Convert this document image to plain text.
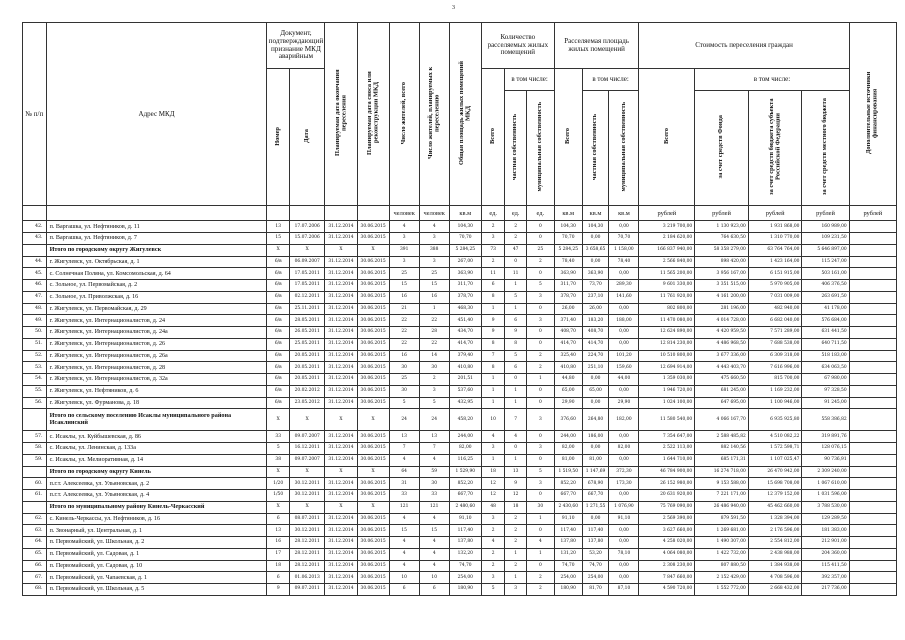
3
№ п/п	Адрес МКД	Документ, подтверждающий признание МКД аварийным		Планируемая дата окончания переселения	Планируемая дата сноса или реконструкции МКД	Число жителей, всего	Число жителей, планируемых к переселению	Общая площадь жилых помещений МКД	Количество расселяемых жилых помещений			Расселяемая площадь жилых помещений			Стоимость переселения граждан				Дополнительные источники финансирования
		Номер	Дата						Всего	в том числе:		Всего	в том числе:		Всего	в том числе:			
										частная собственность	муниципальная собственность		частная собственность	муниципальная собственность		за счет средств Фонда	за счет средств бюджета субъекта Российской Федерации	за счет средств местного бюджета	
						человек	человек	кв.м	ед.	ед.	ед.	кв.м	кв.м	кв.м	рублей	рублей	рублей	рублей	рублей
42.	п. Варгашка, ул. Нефтяников, д. 11	13	17.07.2006	31.12.2014	30.06.2015	4	4	104,30	2	2	0	104,30	104,30	0,00	3 219 700,00	1 130 923,00	1 931 868,00	160 989,00	
43.	п. Варгашка, ул. Нефтяников, д. 7	15	15.07.2006	31.12.2014	30.06.2015	3	3	70,70	3	2	0	70,70	0,00	70,70	2 184 620,00	764 630,50	1 310 770,00	109 231,50	
	Итого по городскому округу Жигулевск	X	X	X	X	391	388	5 284,25	73	47	25	5 284,25	3 658,65	1 158,00	166 837 940,00	58 358 279,00	63 764 764,00	5 646 897,00	
44.	г. Жигулевск, ул. Октябрьская, д. 1	6/в	06.09.2007	31.12.2014	30.06.2015	3	3	267,00	2	0	2	78,40	0,00	78,40	2 566 840,00	898 420,00	1 423 164,00	115 247,00	
45.	с. Солнечная Поляна, ул. Комсомольская, д. 64	6/в	17.05.2011	31.12.2014	30.06.2015	25	25	363,90	11	11	0	363,90	363,90	0,00	11 565 200,00	3 956 167,00	6 151 915,00	503 161,00	
46.	с. Зольное, ул. Первомайская, д. 2	6/в	17.05.2011	31.12.2014	30.06.2015	15	15	311,70	6	1	5	311,70	73,70	289,30	9 601 330,00	3 351 515,00	5 970 905,00	406 376,50	
47.	с. Зольное, ул. Приволжская, д. 16	6/в	02.12.2011	31.12.2014	30.06.2015	16	16	378,70	8	5	3	378,70	237,10	141,60	11 761 920,00	4 161 200,00	7 031 009,00	263 691,50	
48.	г. Жигулевск, ул. Первомайская, д. 29	6/в	25.11.2011	31.12.2014	30.06.2015	21	1	468,30	1	1	0	26,00	26,00	0,00	802 800,00	281 196,00	482 940,00	41 178,00	
49.	г. Жигулевск, ул. Интернационалистов, д. 24	6/в	28.05.2011	31.12.2014	30.06.2015	22	22	451,40	9	6	3	371,40	183,20	188,00	11 470 080,00	4 014 728,00	6 682 040,00	576 684,00	
50.	г. Жигулевск, ул. Интернационалистов, д. 24а	6/в	26.05.2011	31.12.2014	30.06.2015	22	28	434,70	9	9	0	408,70	408,70	0,00	12 624 890,00	4 420 959,50	7 571 289,00	631 441,50	
51.	г. Жигулевск, ул. Интернационалистов, д. 26	6/в	25.05.2011	31.12.2014	30.06.2015	22	22	414,70	8	8	0	414,70	414,70	0,00	12 814 230,00	4 486 968,50	7 688 538,00	640 711,50	
52.	г. Жигулевск, ул. Интернационалистов, д. 26а	6/в	20.05.2011	31.12.2014	30.06.2015	16	14	379,40	7	5	2	325,40	224,70	101,20	10 510 800,00	3 677 336,00	6 309 318,00	518 183,00	
53.	г. Жигулевск, ул. Интернационалистов, д. 28	6/в	20.05.2011	31.12.2014	30.06.2015	30	30	410,80	8	6	2	410,80	251,10	159,60	12 694 914,00	4 443 403,70	7 616 996,00	634 063,50	
54.	г. Жигулевск, ул. Интернационалистов, д. 32а	6/в	20.05.2011	31.12.2014	30.06.2015	25	2	201,51	1	0	1	44,80	0,00	44,00	1 359 030,00	475 660,50	815 700,00	67 980,00	
55.	г. Жигулевск, ул. Нефтяников, д. 6	6/в	20.02.2012	31.12.2014	30.06.2015	30	3	537,60	1	1	0	65,00	65,00	0,00	1 946 720,00	681 245,00	1 169 232,00	97 328,50	
56.	г. Жигулевск, ул. Фурманова, д. 18	6/в	23.05.2012	31.12.2014	30.06.2015	5	5	432,95	1	1	0	29,90	0,00	29,90	1 024 100,00	647 695,00	1 100 946,00	91 245,00	
	Итого по сельскому поселению Исаклы муниципального района Исаклинский	X	X	X	X	24	24	458,20	10	7	3	376,60	264,80	182,00	11 580 540,00	4 066 167,70	6 935 925,80	558 386,82	
57.	с. Исаклы, ул. Куйбышевская, д. 86	33	09.07.2007	31.12.2014	30.06.2015	13	13	244,00	4	4	0	244,00	186,00	0,00	7 354 647,00	2 588 485,82	4 510 082,22	319 891,76	
58.	с. Исаклы, ул. Ленинская, д. 133а	5	16.12.2011	31.12.2014	30.06.2015	7	7	82,00	3	0	3	82,00	0,00	82,00	2 522 113,00	882 140,56	1 572 598,71	128 076,15	
59.	с. Исаклы, ул. Мелиоративная, д. 14	38	09.07.2007	31.12.2014	30.06.2015	4	4	116,25	1	1	0	81,00	81,00	0,00	1 644 710,00	685 171,31	1 107 025,47	90 736,91	
	Итого по городскому округу Кинель	X	X	X	X	64	59	1 529,90	18	13	5	1 519,50	1 147,69	372,30	46 784 900,00	16 274 718,00	26 470 942,00	2 309 240,00	
60.	п.г.т. Алексеевка, ул. Ульяновская, д. 2	1/20	30.12.2011	31.12.2014	30.06.2015	31	30	852,20	12	9	3	852,20	678,90	173,30	26 152 980,00	9 153 588,00	15 698 708,00	1 067 610,00	
61.	п.г.т. Алексеевка, ул. Ульяновская, д. 4	1/50	30.12.2011	31.12.2014	30.06.2015	33	33	667,70	12	12	0	667,70	667,70	0,00	20 631 920,00	7 221 171,00	12 379 152,00	1 031 596,00	
	Итого по муниципальному району Кинель-Черкасский	X	X	X	X	121	121	2 480,60	48	18	30	2 430,60	1 271,55	1 076,90	75 769 090,00	26 486 940,00	45 462 660,00	3 788 530,00	
62.	с. Кинель-Черкассы, ул. Нефтяников, д. 16	6	08.07.2011	31.12.2014	30.06.2015	4	4	91,10	3	2	1	91,10	0,00	91,10	2 569 390,00	879 591,50	1 328 394,00	129 289,50	
63.	п. Звонарный, ул. Центральная, д. 1	13	30.12.2011	31.12.2014	30.06.2015	15	15	117,40	2	2	0	117,40	117,40	0,00	3 627 660,00	1 269 681,00	2 176 596,00	181 383,00	
64.	п. Первомайский, ул. Школьная, д. 2	16	28.12.2011	31.12.2014	30.06.2015	4	4	137,80	4	2	4	137,80	137,80	0,00	4 258 020,00	1 490 307,00	2 554 812,00	212 901,00	
65.	п. Первомайский, ул. Садовая, д. 1	17	28.12.2011	31.12.2014	30.06.2015	4	4	132,20	2	1	1	131,20	53,20	78,10	4 064 080,00	1 422 732,00	2 438 988,00	204 360,00	
66.	п. Первомайский, ул. Садовая, д. 10	18	28.12.2011	31.12.2014	30.06.2015	4	4	74,70	2	2	0	74,70	74,70	0,00	2 308 230,00	807 880,50	1 384 938,00	115 411,50	
67.	п. Первомайский, ул. Чапаевская, д. 1	6	01.06.2013	31.12.2014	30.06.2015	10	10	254,00	3	1	2	254,00	254,00	0,00	7 847 660,00	2 152 429,00	4 708 596,00	392 357,00	
68.	п. Первомайский, ул. Школьная, д. 5	9	09.07.2011	31.12.2014	30.06.2015	6	6	180,90	5	3	2	180,90	81,70	87,10	4 590 720,00	1 552 772,00	2 668 432,00	217 736,00	
